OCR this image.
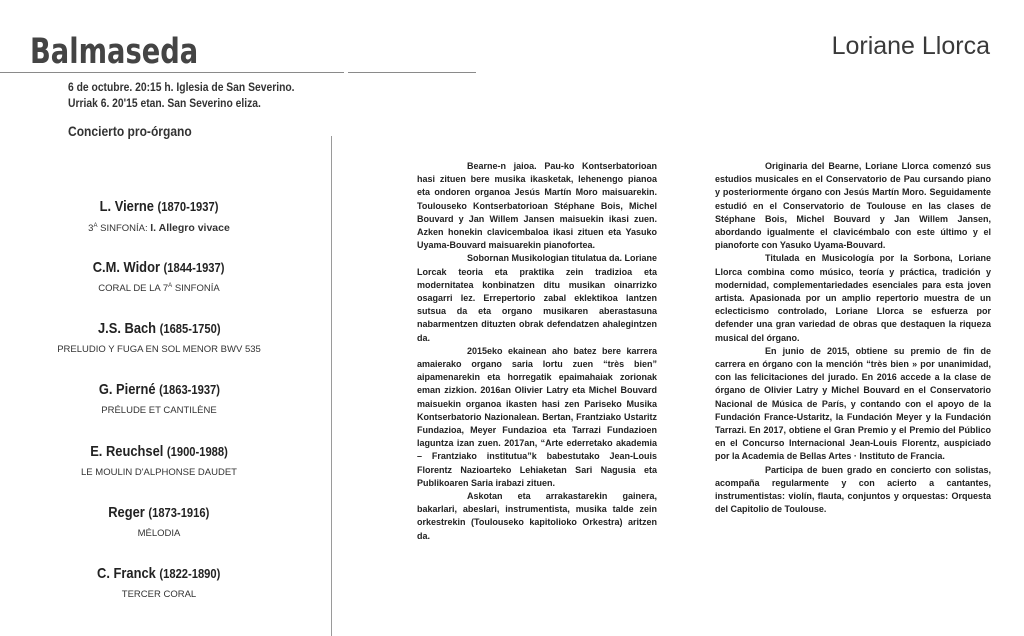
Balmaseda	Loriane Llorca
6 de octubre. 20:15 h. Iglesia de San Severino.
Urriak 6. 20'15 etan. San Severino eliza.
Concierto pro-órgano
L. Vierne (1870-1937)
$3^A$ SINFONÍA: I. Allegro vivace
C.M. Widor (1844-1937)
CORAL DE LA $7^A$ SINFONÍA
J.S. Bach (1685-1750)
PRELUDIO Y FUGA EN SOL MENOR BWV 535
G. Pierné (1863-1937)
PRÉLUDE ET CANTILÈNE
E. Reuchsel (1900-1988)
LE MOULIN D'ALPHONSE DAUDET
Reger (1873-1916)
MÉLODIA
C. Franck (1822-1890)
TERCER CORAL

Bearne-n jaioa. Pau-ko Kontserbatorioan hasi zituen bere musika ikasketak, lehenengo pianoa eta ondoren organoa Jesús Martín Moro maisuarekin. Toulouseko Kontserbatorioan Stéphane Bois, Michel Bouvard y Jan Willem Jansen maisuekin ikasi zuen. Azken honekin clavicembaloa ikasi zituen eta Yasuko Uyama-Bouvard maisuarekin pianofortea.

Sobornan Musikologian titulatua da. Loriane Lorcak teoria eta praktika zein tradizioa eta modernitatea konbinatzen ditu musikan oinarrizko osagarri lez. Errepertorio zabal eklektikoa lantzen sutsua da eta organo musikaren aberastasuna nabarmentzen dituzten obrak defendatzen ahalegintzen da.

2015eko ekainean aho batez bere karrera amaierako organo saria lortu zuen “très bien” aipamenarekin eta horregatik epaimahaiak zorionak eman zizkion. 2016an Olivier Latry eta Michel Bouvard maisuekin organoa ikasten hasi zen Pariseko Musika Kontserbatorio Nazionalean. Bertan, Frantziako Ustaritz Fundazioa, Meyer Fundazioa eta Tarrazi Fundazioen laguntza izan zuen. 2017an, “Arte ederretako akademia – Frantziako institutua”k babestutako Jean-Louis Florentz Nazioarteko Lehiaketan Sari Nagusia eta Publikoaren Saria irabazi zituen.

Askotan eta arrakastarekin gainera, bakarlari, abeslari, instrumentista, musika talde zein orkestrekin (Toulouseko kapitolioko Orkestra) aritzen da.

Originaria del Bearne, Loriane Llorca comenzó sus estudios musicales en el Conservatorio de Pau cursando piano y posteriormente órgano con Jesús Martín Moro. Seguidamente estudió en el Conservatorio de Toulouse en las clases de Stéphane Bois, Michel Bouvard y Jan Willem Jansen, abordando igualmente el clavicémbalo con este último y el pianoforte con Yasuko Uyama-Bouvard.

Titulada en Musicología por la Sorbona, Loriane Llorca combina como músico, teoría y práctica, tradición y modernidad, complementariedades esenciales para esta joven artista. Apasionada por un amplio repertorio muestra de un eclecticismo controlado, Loriane Llorca se esfuerza por defender una gran variedad de obras que destaquen la riqueza musical del órgano.

En junio de 2015, obtiene su premio de fin de carrera en órgano con la mención “très bien » por unanimidad, con las felicitaciones del jurado. En 2016 accede a la clase de órgano de Olivier Latry y Michel Bouvard en el Conservatorio Nacional de Música de París, y contando con el apoyo de la Fundación France-Ustaritz, la Fundación Meyer y la Fundación Tarrazi. En 2017, obtiene el Gran Premio y el Premio del Público en el Concurso Internacional Jean-Louis Florentz, auspiciado por la Academia de Bellas Artes · Instituto de Francia.

Participa de buen grado en concierto con solistas, acompaña regularmente y con acierto a cantantes, instrumentistas: violín, flauta, conjuntos y orquestas: Orquesta del Capitolio de Toulouse.
